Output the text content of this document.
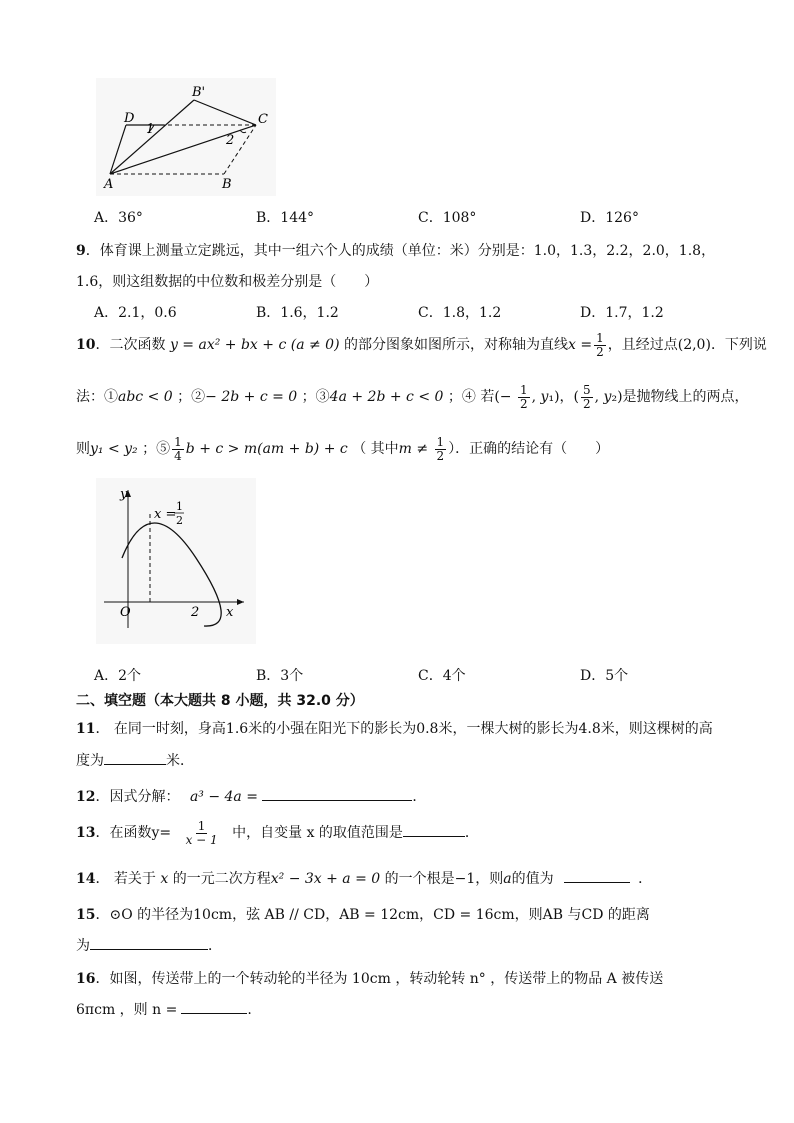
B'
D
1
C
2
A	B
A．36°	B．144°	C．108°	D．126°
9．体育课上测量立定跳远，其中一组六个人的成绩（单位：米）分别是：1.0，1.3，2.2，2.0，1.8，
1.6，则这组数据的中位数和极差分别是（　　）
A．2.1，0.6	B．1.6，1.2	C．1.8，1.2	D．1.7，1.2
10．二次函数 y = ax² + bx + c (a ≠ 0) 的部分图象如图所示，对称轴为直线$x = \frac{1}{2}$ ，且经过点(2,0)．下列说
法：①abc < 0 ；②− 2b + c = 0 ；③4a + 2b + c < 0 ；④ 若(− $\frac{1}{2}$ , y₁)，( $\frac{5}{2}$ , y₂)是抛物线上的两点，
则y₁ < y₂ ；⑤ $\frac{1}{4}$ b + c > m(am + b) + c （ 其中$m \ne \frac{1}{2}$ ）．正确的结论有（　　）
y
x =
1
2
O	2 x
A．2个	B．3个	C．4个	D．5个
二、填空题（本大题共 8 小题，共 32.0 分）
11． 在同一时刻，身高1.6米的小强在阳光下的影长为0.8米，一棵大树的影长为4.8米，则这棵树的高
度为	米．
12．因式分解： a³ − 4a =	．
13．在函数$y= \frac{1}{x - 1}$ 中，自变量 x 的取值范围是	．
14． 若关于 x 的一元二次方程x² − 3x + a = 0 的一个根是−1，则a的值为	．
15．⊙O 的半径为10cm，弦 AB // CD，AB = 12cm，CD = 16cm，则AB 与CD 的距离
为	．
16．如图，传送带上的一个转动轮的半径为 10cm ，转动轮转 n° ，传送带上的物品 A 被传送
6πcm ，则 n =	.
